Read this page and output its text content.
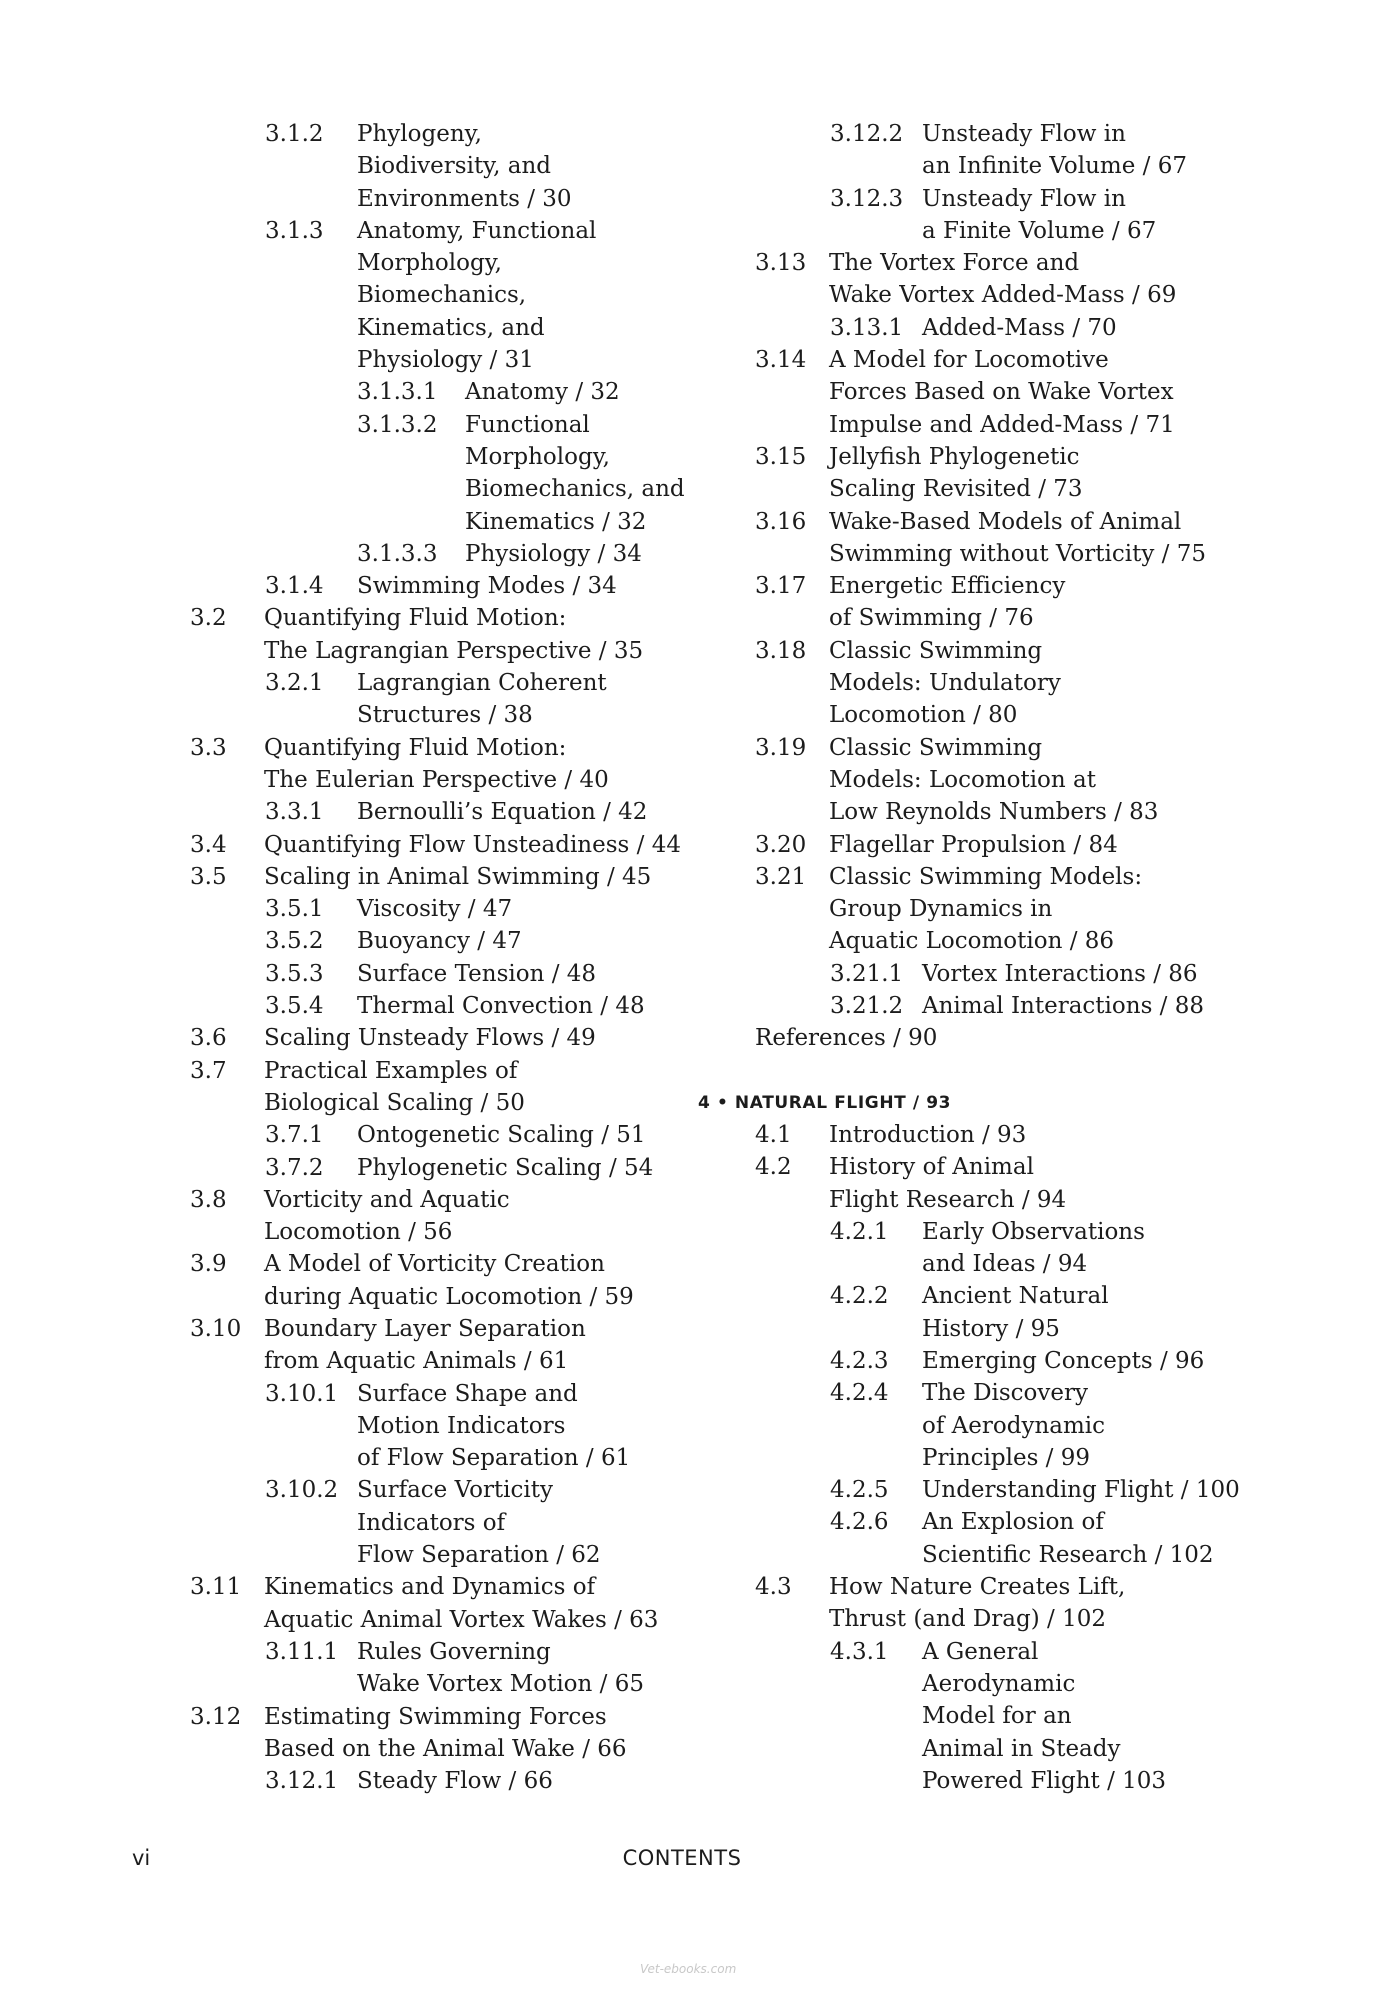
3.1.2 Phylogeny,
Biodiversity, and
Environments / 30
3.1.3 Anatomy, Functional
Morphology,
Biomechanics,
Kinematics, and
Physiology / 31
3.1.3.1 Anatomy / 32
3.1.3.2 Functional
Morphology,
Biomechanics, and
Kinematics / 32
3.1.3.3 Physiology / 34
3.1.4 Swimming Modes / 34
3.2 Quantifying Fluid Motion:
The Lagrangian Perspective / 35
3.2.1 Lagrangian Coherent
Structures / 38
3.3 Quantifying Fluid Motion:
The Eulerian Perspective / 40
3.3.1 Bernoulli’s Equation / 42
3.4 Quantifying Flow Unsteadiness / 44
3.5 Scaling in Animal Swimming / 45
3.5.1 Viscosity / 47
3.5.2 Buoyancy / 47
3.5.3 Surface Tension / 48
3.5.4 Thermal Convection / 48
3.6 Scaling Unsteady Flows / 49
3.7 Practical Examples of
Biological Scaling / 50
3.7.1 Ontogenetic Scaling / 51
3.7.2 Phylogenetic Scaling / 54
3.8 Vorticity and Aquatic
Locomotion / 56
3.9 A Model of Vorticity Creation
during Aquatic Locomotion / 59
3.10 Boundary Layer Separation
from Aquatic Animals / 61
3.10.1 Surface Shape and
Motion Indicators
of Flow Separation / 61
3.10.2 Surface Vorticity
Indicators of
Flow Separation / 62
3.11 Kinematics and Dynamics of
Aquatic Animal Vortex Wakes / 63
3.11.1 Rules Governing
Wake Vortex Motion / 65
3.12 Estimating Swimming Forces
Based on the Animal Wake / 66
3.12.1 Steady Flow / 66
3.12.2 Unsteady Flow in
an Infinite Volume / 67
3.12.3 Unsteady Flow in
a Finite Volume / 67
3.13 The Vortex Force and
Wake Vortex Added-Mass / 69
3.13.1 Added-Mass / 70
3.14 A Model for Locomotive
Forces Based on Wake Vortex
Impulse and Added-Mass / 71
3.15 Jellyfish Phylogenetic
Scaling Revisited / 73
3.16 Wake-Based Models of Animal
Swimming without Vorticity / 75
3.17 Energetic Efficiency
of Swimming / 76
3.18 Classic Swimming
Models: Undulatory
Locomotion / 80
3.19 Classic Swimming
Models: Locomotion at
Low Reynolds Numbers / 83
3.20 Flagellar Propulsion / 84
3.21 Classic Swimming Models:
Group Dynamics in
Aquatic Locomotion / 86
3.21.1 Vortex Interactions / 86
3.21.2 Animal Interactions / 88
References / 90
4 • NATURAL FLIGHT / 93
4.1 Introduction / 93
4.2 History of Animal
Flight Research / 94
4.2.1 Early Observations
and Ideas / 94
4.2.2 Ancient Natural
History / 95
4.2.3 Emerging Concepts / 96
4.2.4 The Discovery
of Aerodynamic
Principles / 99
4.2.5 Understanding Flight / 100
4.2.6 An Explosion of
Scientific Research / 102
4.3 How Nature Creates Lift,
Thrust (and Drag) / 102
4.3.1 A General
Aerodynamic
Model for an
Animal in Steady
Powered Flight / 103
vi	CONTENTS
Vet-ebooks.com
